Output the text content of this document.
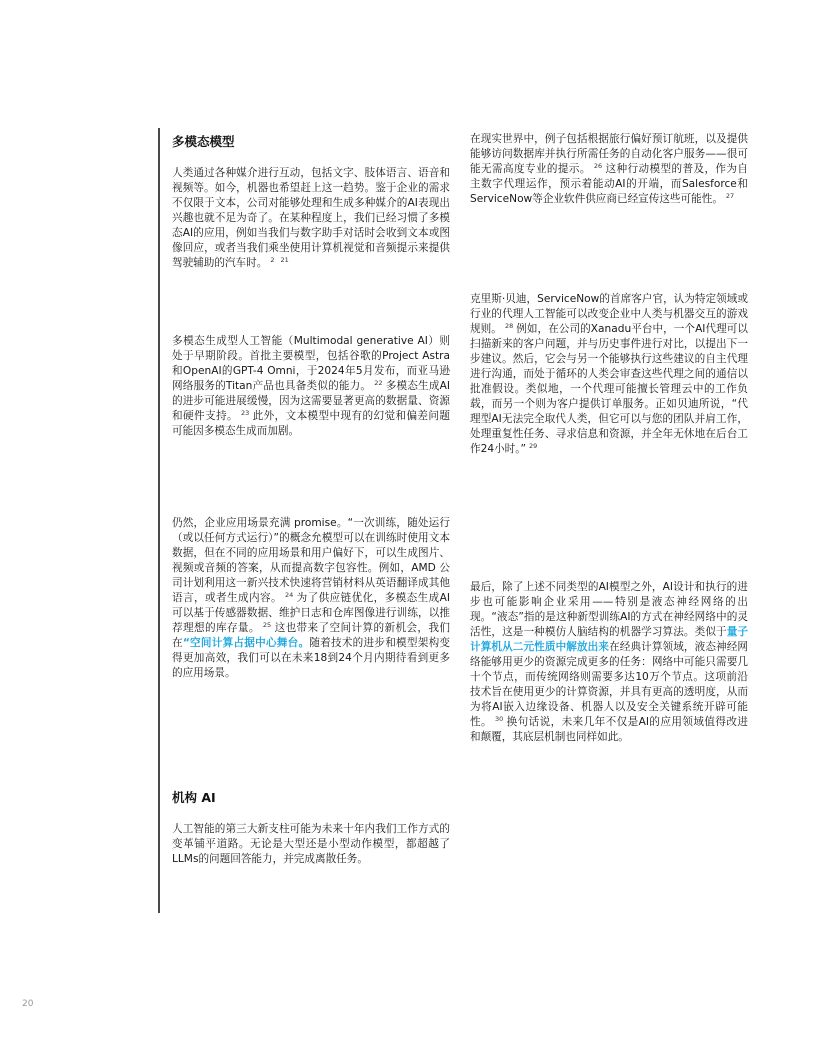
多模态模型

人类通过各种媒介进行互动，包括文字、肢体语言、语音和视频等。如今，机器也希望赶上这一趋势。鉴于企业的需求不仅限于文本，公司对能够处理和生成多种媒介的AI表现出兴趣也就不足为奇了。在某种程度上，我们已经习惯了多模态AI的应用，例如当我们与数字助手对话时会收到文本或图像回应，或者当我们乘坐使用计算机视觉和音频提示来提供驾驶辅助的汽车时。 $^2$ $^{21}$

多模态生成型人工智能（Multimodal generative AI）则处于早期阶段。首批主要模型，包括谷歌的Project Astra和OpenAI的GPT-4 Omni，于2024年5月发布，而亚马逊网络服务的Titan产品也具备类似的能力。 $^{22}$ 多模态生成AI的进步可能进展缓慢，因为这需要显著更高的数据量、资源和硬件支持。 $^{23}$ 此外，文本模型中现有的幻觉和偏差问题可能因多模态生成而加剧。

仍然，企业应用场景充满 promise。“一次训练，随处运行（或以任何方式运行）”的概念允模型可以在训练时使用文本数据，但在不同的应用场景和用户偏好下，可以生成图片、视频或音频的答案，从而提高数字包容性。例如，AMD 公司计划利用这一新兴技术快速将营销材料从英语翻译成其他语言，或者生成内容。 $^{24}$ 为了供应链优化，多模态生成AI可以基于传感器数据、维护日志和仓库图像进行训练，以推荐理想的库存量。 $^{25}$ 这也带来了空间计算的新机会，我们在“空间计算占据中心舞台。随着技术的进步和模型架构变得更加高效，我们可以在未来18到24个月内期待看到更多的应用场景。

机构 AI

人工智能的第三大新支柱可能为未来十年内我们工作方式的变革铺平道路。无论是大型还是小型动作模型，都超越了LLMs的问题回答能力，并完成离散任务。

在现实世界中，例子包括根据旅行偏好预订航班，以及提供能够访问数据库并执行所需任务的自动化客户服务——很可能无需高度专业的提示。 $^{26}$ 这种行动模型的普及，作为自主数字代理运作，预示着能动AI的开端，而Salesforce和ServiceNow等企业软件供应商已经宣传这些可能性。 $^{27}$

克里斯·贝迪，ServiceNow的首席客户官，认为特定领域或行业的代理人工智能可以改变企业中人类与机器交互的游戏规则。 $^{28}$ 例如，在公司的Xanadu平台中，一个AI代理可以扫描新来的客户问题，并与历史事件进行对比，以提出下一步建议。然后，它会与另一个能够执行这些建议的自主代理进行沟通，而处于循环的人类会审查这些代理之间的通信以批准假设。类似地，一个代理可能擅长管理云中的工作负载，而另一个则为客户提供订单服务。正如贝迪所说，“代理型AI无法完全取代人类，但它可以与您的团队并肩工作，处理重复性任务、寻求信息和资源，并全年无休地在后台工作24小时。” $^{29}$

最后，除了上述不同类型的AI模型之外，AI设计和执行的进步也可能影响企业采用——特别是液态神经网络的出现。“液态”指的是这种新型训练AI的方式在神经网络中的灵活性，这是一种模仿人脑结构的机器学习算法。类似于量子计算机从二元性质中解放出来在经典计算领域，液态神经网络能够用更少的资源完成更多的任务：网络中可能只需要几十个节点，而传统网络则需要多达10万个节点。这项前沿技术旨在使用更少的计算资源，并具有更高的透明度，从而为将AI嵌入边缘设备、机器人以及安全关键系统开辟可能性。 $^{30}$ 换句话说，未来几年不仅是AI的应用领域值得改进和颠覆，其底层机制也同样如此。

20
